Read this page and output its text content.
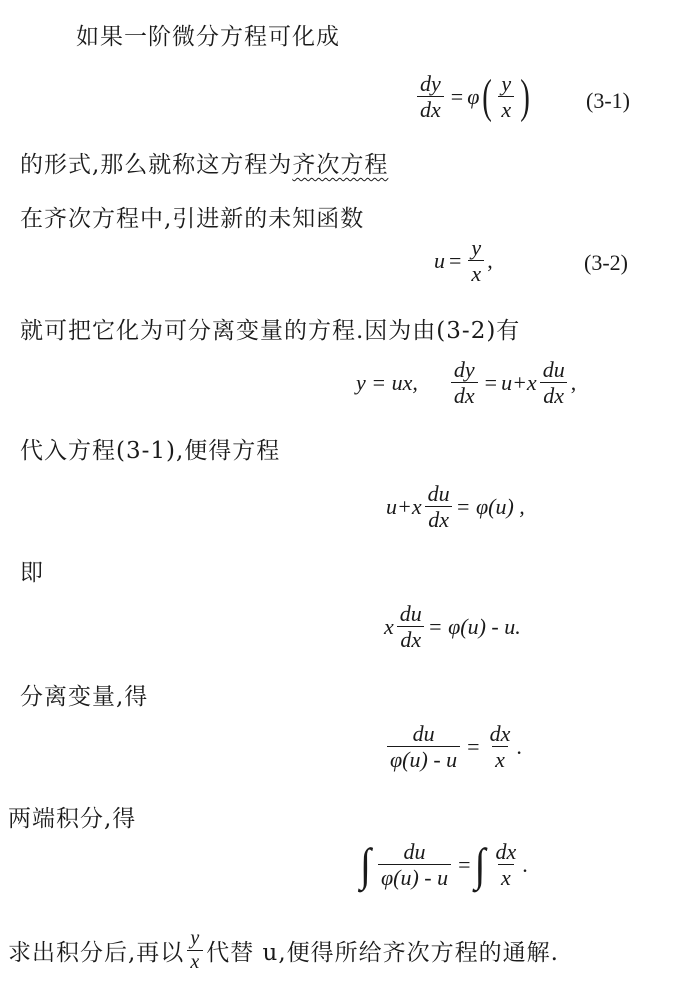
如果一阶微分方程可化成
$\frac{dy}{dx} = \varphi$ ( $\frac{y}{x}$ )	(3-1)
的形式,那么就称这方程为齐次方程
在齐次方程中,引进新的未知函数
$u = \frac{y}{x}$ ,	(3-2)
就可把它化为可分离变量的方程.因为由(3-2)有
y = ux, $\frac{dy}{dx} = u+x \frac{du}{dx}$ ,
代入方程(3-1),便得方程
$u+x \frac{du}{dx} = \varphi(u)$ ,
即
x $\frac{du}{dx} = \varphi(u) - u$.
分离变量,得
$\frac{du}{\varphi(u) - u} = \frac{dx}{x}$ .
两端积分,得
∫ $\frac{du}{\varphi(u) - u}$ = ∫ $\frac{dx}{x}$ .
求出积分后,再以 $\frac{y}{x}$ 代替 u,便得所给齐次方程的通解.
